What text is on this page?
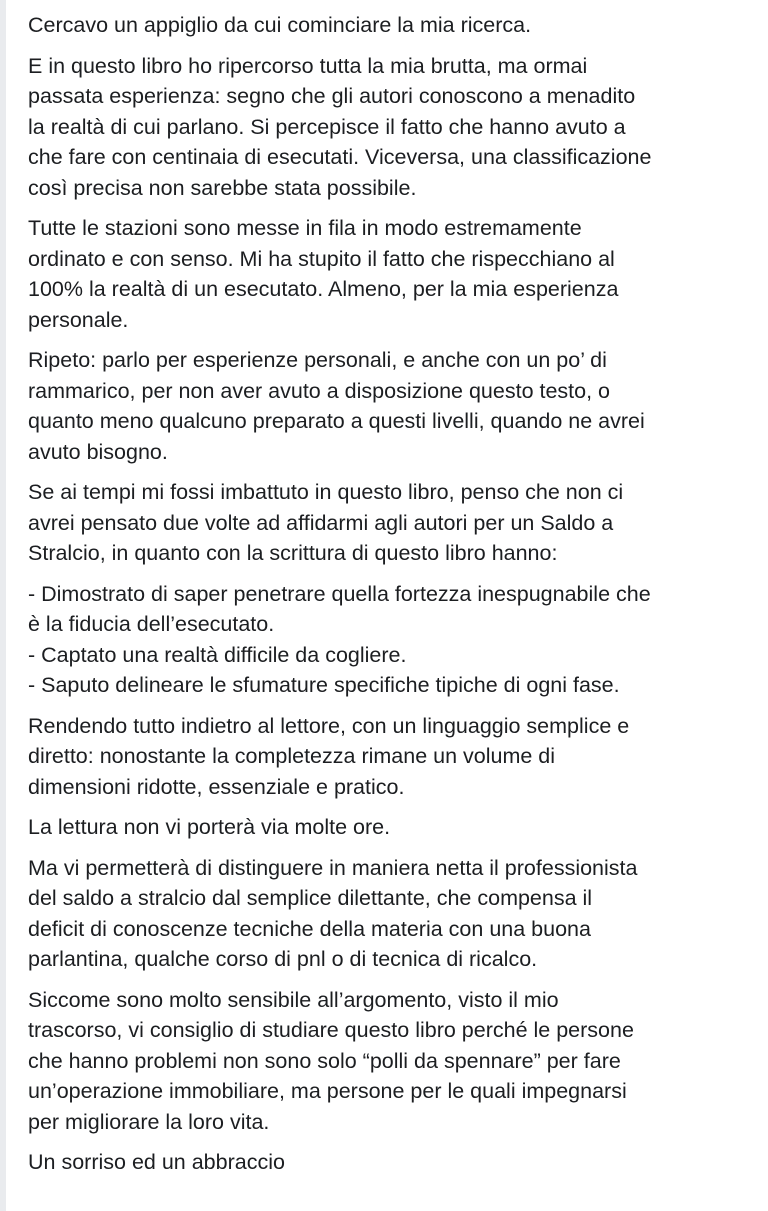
Cercavo un appiglio da cui cominciare la mia ricerca.

E in questo libro ho ripercorso tutta la mia brutta, ma ormai
passata esperienza: segno che gli autori conoscono a menadito
la realtà di cui parlano. Si percepisce il fatto che hanno avuto a
che fare con centinaia di esecutati. Viceversa, una classificazione
così precisa non sarebbe stata possibile.

Tutte le stazioni sono messe in fila in modo estremamente
ordinato e con senso. Mi ha stupito il fatto che rispecchiano al
100% la realtà di un esecutato. Almeno, per la mia esperienza
personale.

Ripeto: parlo per esperienze personali, e anche con un po’ di
rammarico, per non aver avuto a disposizione questo testo, o
quanto meno qualcuno preparato a questi livelli, quando ne avrei
avuto bisogno.

Se ai tempi mi fossi imbattuto in questo libro, penso che non ci
avrei pensato due volte ad affidarmi agli autori per un Saldo a
Stralcio, in quanto con la scrittura di questo libro hanno:

- Dimostrato di saper penetrare quella fortezza inespugnabile che
è la fiducia dell’esecutato.
- Captato una realtà difficile da cogliere.
- Saputo delineare le sfumature specifiche tipiche di ogni fase.

Rendendo tutto indietro al lettore, con un linguaggio semplice e
diretto: nonostante la completezza rimane un volume di
dimensioni ridotte, essenziale e pratico.

La lettura non vi porterà via molte ore.

Ma vi permetterà di distinguere in maniera netta il professionista
del saldo a stralcio dal semplice dilettante, che compensa il
deficit di conoscenze tecniche della materia con una buona
parlantina, qualche corso di pnl o di tecnica di ricalco.

Siccome sono molto sensibile all’argomento, visto il mio
trascorso, vi consiglio di studiare questo libro perché le persone
che hanno problemi non sono solo “polli da spennare” per fare
un’operazione immobiliare, ma persone per le quali impegnarsi
per migliorare la loro vita.

Un sorriso ed un abbraccio
